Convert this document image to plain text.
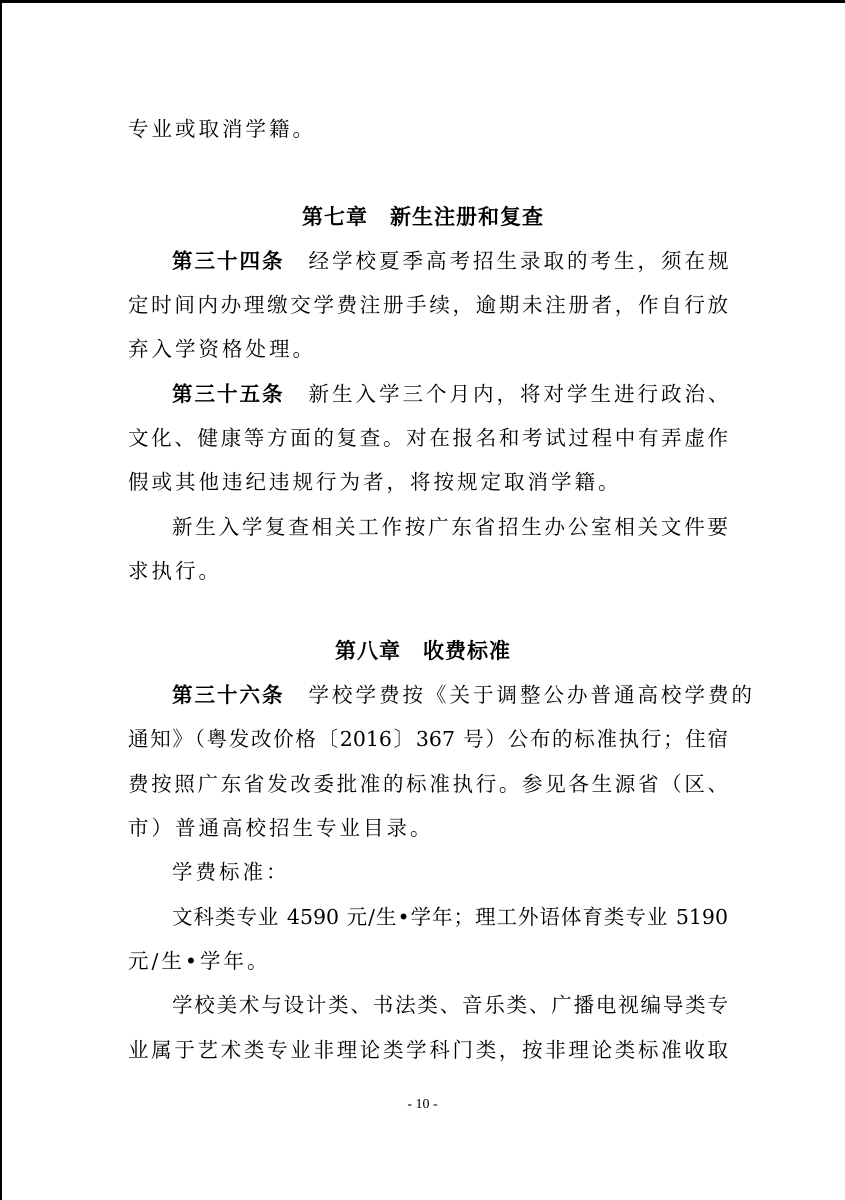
第七章　新生注册和复查
第八章　收费标准
专业或取消学籍。
第三十四条 经学校夏季高考招生录取的考生，须在规
定时间内办理缴交学费注册手续，逾期未注册者，作自行放
弃入学资格处理。
第三十五条 新生入学三个月内，将对学生进行政治、
文化、健康等方面的复查。对在报名和考试过程中有弄虚作
假或其他违纪违规行为者，将按规定取消学籍。
新生入学复查相关工作按广东省招生办公室相关文件要
求执行。
第三十六条 学校学费按《关于调整公办普通高校学费的
通知》（粤发改价格〔2016〕367 号）公布的标准执行；住宿
费按照广东省发改委批准的标准执行。参见各生源省（区、
市）普通高校招生专业目录。
学费标准：
文科类专业 4590 元/生•学年；理工外语体育类专业 5190
元/生•学年。
学校美术与设计类、书法类、音乐类、广播电视编导类专
业属于艺术类专业非理论类学科门类，按非理论类标准收取
- 10 -
